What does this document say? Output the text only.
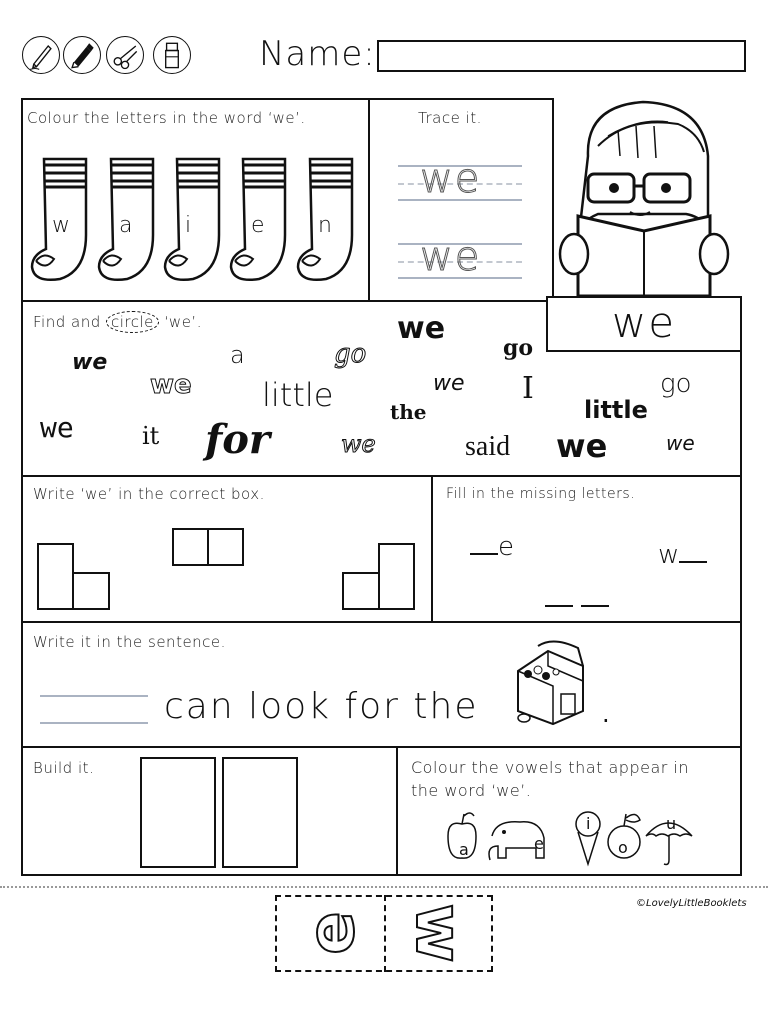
Name:
Colour the letters in the word ‘we’.
w a i	e n
Trace it.
we
we
we
Find and circle ‘we’.
we
we
a	go	go
we little	we I	go
we	it for
the	little
we	said we	we
Write ‘we’ in the correct box.	Fill in the missing letters.
e	w
Write it in the sentence.
can look for the	.
Build it.	Colour the vowels that appear in
the word ‘we’.
a	e
i
o
u
e w	©LovelyLittleBooklets
